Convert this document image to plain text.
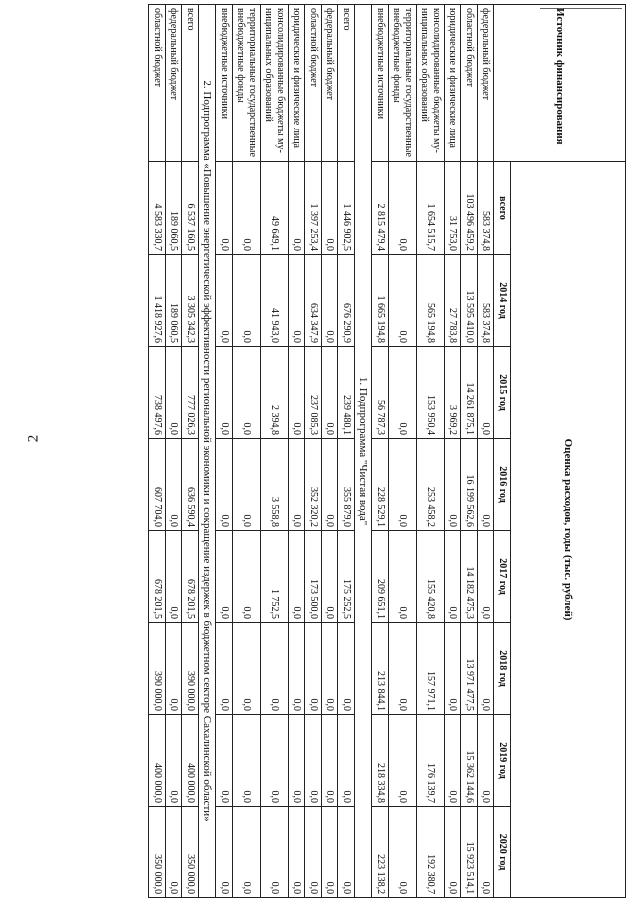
2
Источник финансирования	Оценка расходов, годы (тыс. рублей)							
	всего	2014 год	2015 год	2016 год	2017 год	2018 год	2019 год	2020 год
федеральный бюджет	583 374,8	583 374,8	0,0	0,0	0,0	0,0	0,0	0,0
областной бюджет	103 496 459,2	13 595 410,0	14 261 875,1	16 199 562,6	14 182 475,3	13 971 477,5	15 362 144,6	15 923 514,1
юридические и физические лица	31 753,0	27 783,8	3 969,2	0,0	0,0	0,0	0,0	0,0
консолидированные бюджеты му-ниципальных образований	1 654 515,7	565 194,8	153 950,4	253 458,2	155 420,8	157 971,1	176 139,7	192 380,7
территориальные государственные внебюджетные фонды	0,0	0,0	0,0	0,0	0,0	0,0	0,0	0,0
внебюджетные источники	2 815 479,4	1 665 194,8	56 787,3	228 529,1	209 651,1	213 844,1	218 334,8	223 138,2
1. Подпрограмма "Чистая вода"								
всего	1 446 902,5	676 290,9	239 480,1	355 879,0	175 252,5	0,0	0,0	0,0
федеральный бюджет	0,0	0,0	0,0	0,0	0,0	0,0	0,0	0,0
областной бюджет	1 397 253,4	634 347,9	237 085,3	352 320,2	173 500,0	0,0	0,0	0,0
юридические и физические лица	0,0	0,0	0,0	0,0	0,0	0,0	0,0	0,0
консолидированные бюджеты му-ниципальных образований	49 649,1	41 943,0	2 394,8	3 558,8	1 752,5	0,0	0,0	0,0
территориальные государственные внебюджетные фонды	0,0	0,0	0,0	0,0	0,0	0,0	0,0	0,0
внебюджетные источники	0,0	0,0	0,0	0,0	0,0	0,0	0,0	0,0
2. Подпрограмма «Повышение энергетической эффективности региональной экономики и сокращение издержек в бюджетном секторе Сахалинской области»								
всего	6 537 160,5	3 305 342,3	777 026,3	636 590,4	678 201,5	390 000,0	400 000,0	350 000,0
федеральный бюджет	189 060,5	189 060,5	0,0	0,0	0,0	0,0	0,0	0,0
областной бюджет	4 583 330,7	1 418 927,6	738 497,6	607 704,0	678 201,5	390 000,0	400 000,0	350 000,0
